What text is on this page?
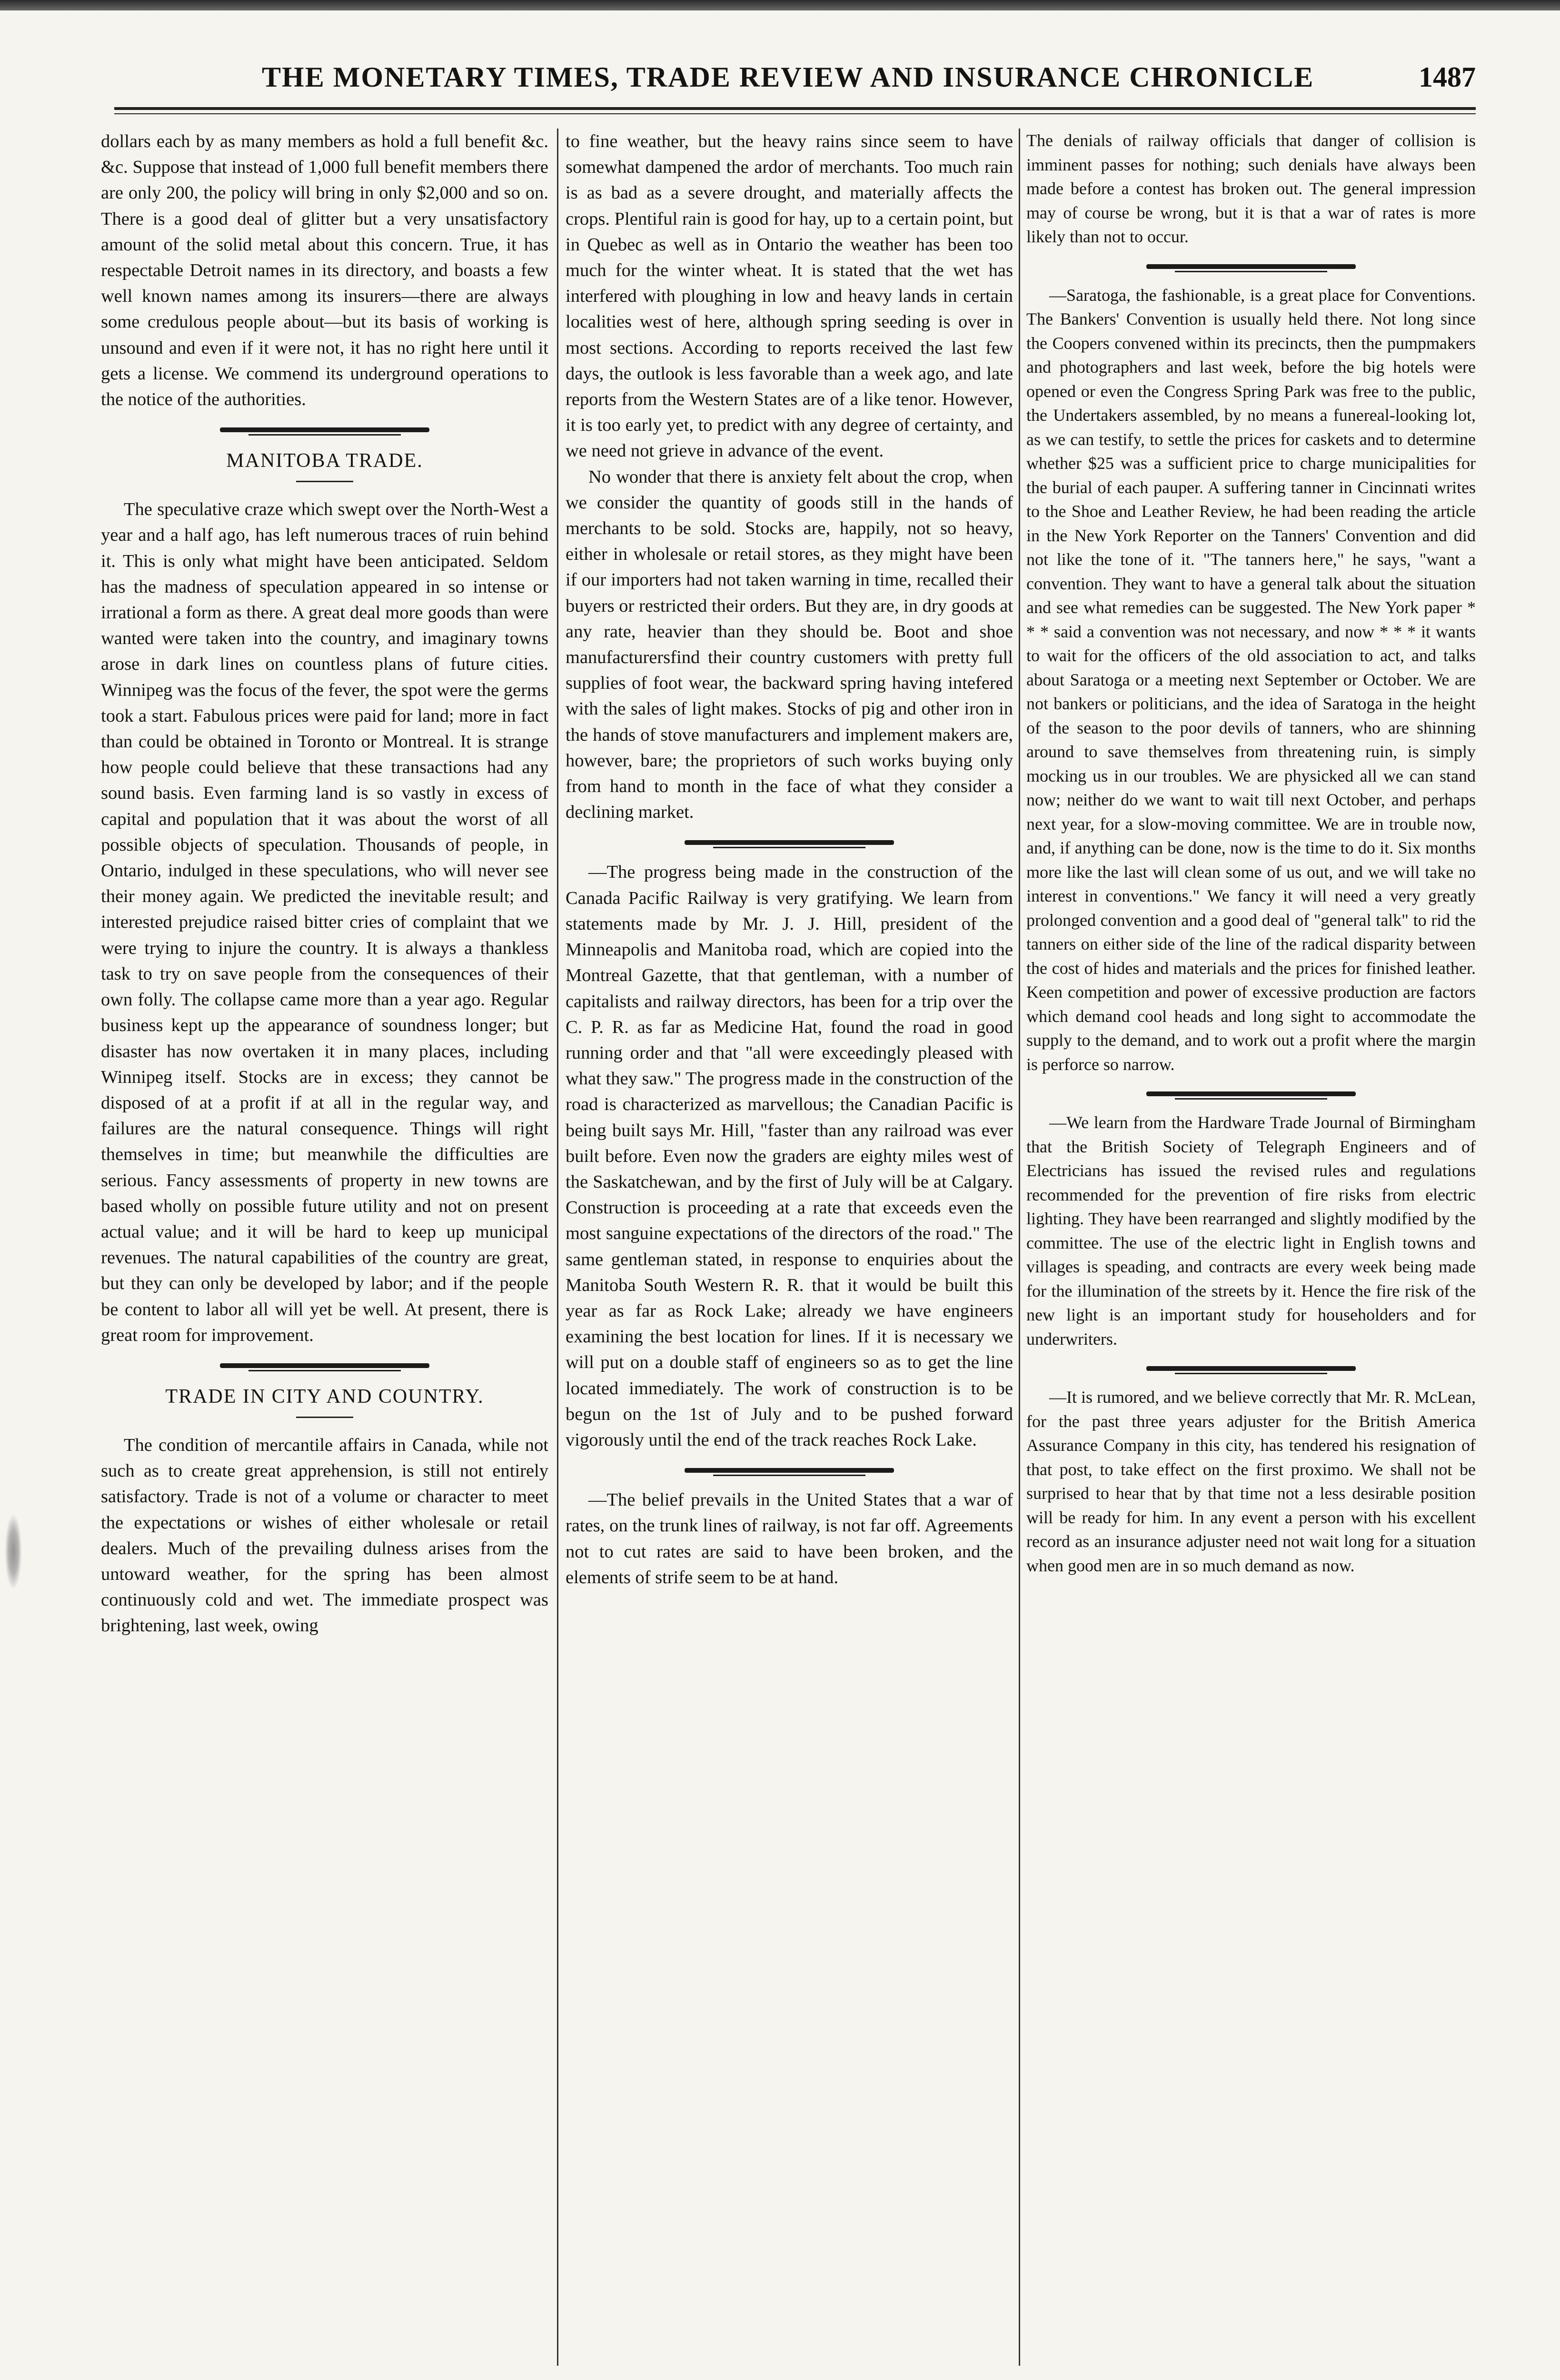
THE MONETARY TIMES, TRADE REVIEW AND INSURANCE CHRONICLE	1487

dollars each by as many members as hold a full benefit &c. &c. Suppose that instead of 1,000 full benefit members there are only 200, the policy will bring in only $2,000 and so on. There is a good deal of glitter but a very unsatisfactory amount of the solid metal about this concern. True, it has respectable Detroit names in its directory, and boasts a few well known names among its insurers—there are always some credulous people about—but its basis of working is unsound and even if it were not, it has no right here until it gets a license. We commend its underground operations to the notice of the authorities.

MANITOBA TRADE.

The speculative craze which swept over the North-West a year and a half ago, has left numerous traces of ruin behind it. This is only what might have been anticipated. Seldom has the madness of speculation appeared in so intense or irrational a form as there. A great deal more goods than were wanted were taken into the country, and imaginary towns arose in dark lines on countless plans of future cities. Winnipeg was the focus of the fever, the spot were the germs took a start. Fabulous prices were paid for land; more in fact than could be obtained in Toronto or Montreal. It is strange how people could believe that these transactions had any sound basis. Even farming land is so vastly in excess of capital and population that it was about the worst of all possible objects of speculation. Thousands of people, in Ontario, indulged in these speculations, who will never see their money again. We predicted the inevitable result; and interested prejudice raised bitter cries of complaint that we were trying to injure the country. It is always a thankless task to try on save people from the consequences of their own folly. The collapse came more than a year ago. Regular business kept up the appearance of soundness longer; but disaster has now overtaken it in many places, including Winnipeg itself. Stocks are in excess; they cannot be disposed of at a profit if at all in the regular way, and failures are the natural consequence. Things will right themselves in time; but meanwhile the difficulties are serious. Fancy assessments of property in new towns are based wholly on possible future utility and not on present actual value; and it will be hard to keep up municipal revenues. The natural capabilities of the country are great, but they can only be developed by labor; and if the people be content to labor all will yet be well. At present, there is great room for improvement.

TRADE IN CITY AND COUNTRY.

The condition of mercantile affairs in Canada, while not such as to create great apprehension, is still not entirely satisfactory. Trade is not of a volume or character to meet the expectations or wishes of either wholesale or retail dealers. Much of the prevailing dulness arises from the untoward weather, for the spring has been almost continuously cold and wet. The immediate prospect was brightening, last week, owing

to fine weather, but the heavy rains since seem to have somewhat dampened the ardor of merchants. Too much rain is as bad as a severe drought, and materially affects the crops. Plentiful rain is good for hay, up to a certain point, but in Quebec as well as in Ontario the weather has been too much for the winter wheat. It is stated that the wet has interfered with ploughing in low and heavy lands in certain localities west of here, although spring seeding is over in most sections. According to reports received the last few days, the outlook is less favorable than a week ago, and late reports from the Western States are of a like tenor. However, it is too early yet, to predict with any degree of certainty, and we need not grieve in advance of the event.

No wonder that there is anxiety felt about the crop, when we consider the quantity of goods still in the hands of merchants to be sold. Stocks are, happily, not so heavy, either in wholesale or retail stores, as they might have been if our importers had not taken warning in time, recalled their buyers or restricted their orders. But they are, in dry goods at any rate, heavier than they should be. Boot and shoe manufacturersfind their country customers with pretty full supplies of foot wear, the backward spring having intefered with the sales of light makes. Stocks of pig and other iron in the hands of stove manufacturers and implement makers are, however, bare; the proprietors of such works buying only from hand to month in the face of what they consider a declining market.

—The progress being made in the construction of the Canada Pacific Railway is very gratifying. We learn from statements made by Mr. J. J. Hill, president of the Minneapolis and Manitoba road, which are copied into the Montreal Gazette, that that gentleman, with a number of capitalists and railway directors, has been for a trip over the C. P. R. as far as Medicine Hat, found the road in good running order and that "all were exceedingly pleased with what they saw." The progress made in the construction of the road is characterized as marvellous; the Canadian Pacific is being built says Mr. Hill, "faster than any railroad was ever built before. Even now the graders are eighty miles west of the Saskatchewan, and by the first of July will be at Calgary. Construction is proceeding at a rate that exceeds even the most sanguine expectations of the directors of the road." The same gentleman stated, in response to enquiries about the Manitoba South Western R. R. that it would be built this year as far as Rock Lake; already we have engineers examining the best location for lines. If it is necessary we will put on a double staff of engineers so as to get the line located immediately. The work of construction is to be begun on the 1st of July and to be pushed forward vigorously until the end of the track reaches Rock Lake.

—The belief prevails in the United States that a war of rates, on the trunk lines of railway, is not far off. Agreements not to cut rates are said to have been broken, and the elements of strife seem to be at hand.

The denials of railway officials that danger of collision is imminent passes for nothing; such denials have always been made before a contest has broken out. The general impression may of course be wrong, but it is that a war of rates is more likely than not to occur.

—Saratoga, the fashionable, is a great place for Conventions. The Bankers' Convention is usually held there. Not long since the Coopers convened within its precincts, then the pumpmakers and photographers and last week, before the big hotels were opened or even the Congress Spring Park was free to the public, the Undertakers assembled, by no means a funereal-looking lot, as we can testify, to settle the prices for caskets and to determine whether $25 was a sufficient price to charge municipalities for the burial of each pauper. A suffering tanner in Cincinnati writes to the Shoe and Leather Review, he had been reading the article in the New York Reporter on the Tanners' Convention and did not like the tone of it. "The tanners here," he says, "want a convention. They want to have a general talk about the situation and see what remedies can be suggested. The New York paper * * * said a convention was not necessary, and now * * * it wants to wait for the officers of the old association to act, and talks about Saratoga or a meeting next September or October. We are not bankers or politicians, and the idea of Saratoga in the height of the season to the poor devils of tanners, who are shinning around to save themselves from threatening ruin, is simply mocking us in our troubles. We are physicked all we can stand now; neither do we want to wait till next October, and perhaps next year, for a slow-moving committee. We are in trouble now, and, if anything can be done, now is the time to do it. Six months more like the last will clean some of us out, and we will take no interest in conventions." We fancy it will need a very greatly prolonged convention and a good deal of "general talk" to rid the tanners on either side of the line of the radical disparity between the cost of hides and materials and the prices for finished leather. Keen competition and power of excessive production are factors which demand cool heads and long sight to accommodate the supply to the demand, and to work out a profit where the margin is perforce so narrow.

—We learn from the Hardware Trade Journal of Birmingham that the British Society of Telegraph Engineers and of Electricians has issued the revised rules and regulations recommended for the prevention of fire risks from electric lighting. They have been rearranged and slightly modified by the committee. The use of the electric light in English towns and villages is speading, and contracts are every week being made for the illumination of the streets by it. Hence the fire risk of the new light is an important study for householders and for underwriters.

—It is rumored, and we believe correctly that Mr. R. McLean, for the past three years adjuster for the British America Assurance Company in this city, has tendered his resignation of that post, to take effect on the first proximo. We shall not be surprised to hear that by that time not a less desirable position will be ready for him. In any event a person with his excellent record as an insurance adjuster need not wait long for a situation when good men are in so much demand as now.
